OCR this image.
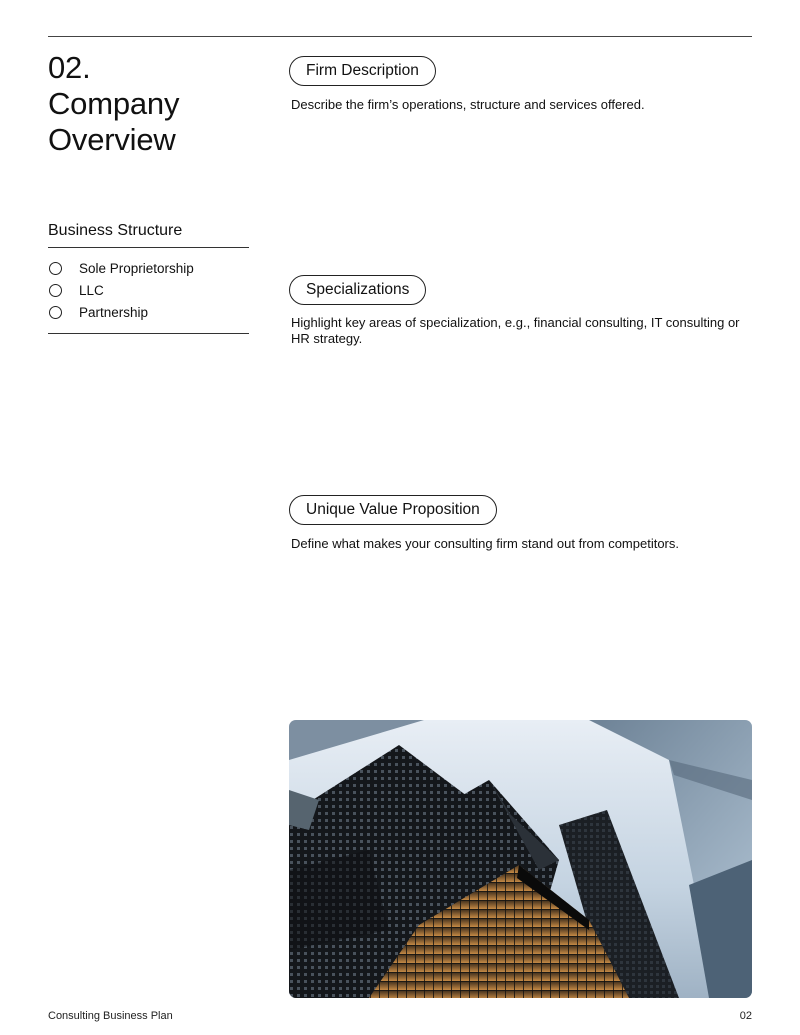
02.
Company
Overview
Business Structure
Sole Proprietorship
LLC
Partnership
Firm Description

Describe the firm’s operations, structure and services offered.

Specializations

Highlight key areas of specialization, e.g., financial consulting, IT consulting or HR strategy.

Unique Value Proposition

Define what makes your consulting firm stand out from competitors.

Consulting Business Plan	02
